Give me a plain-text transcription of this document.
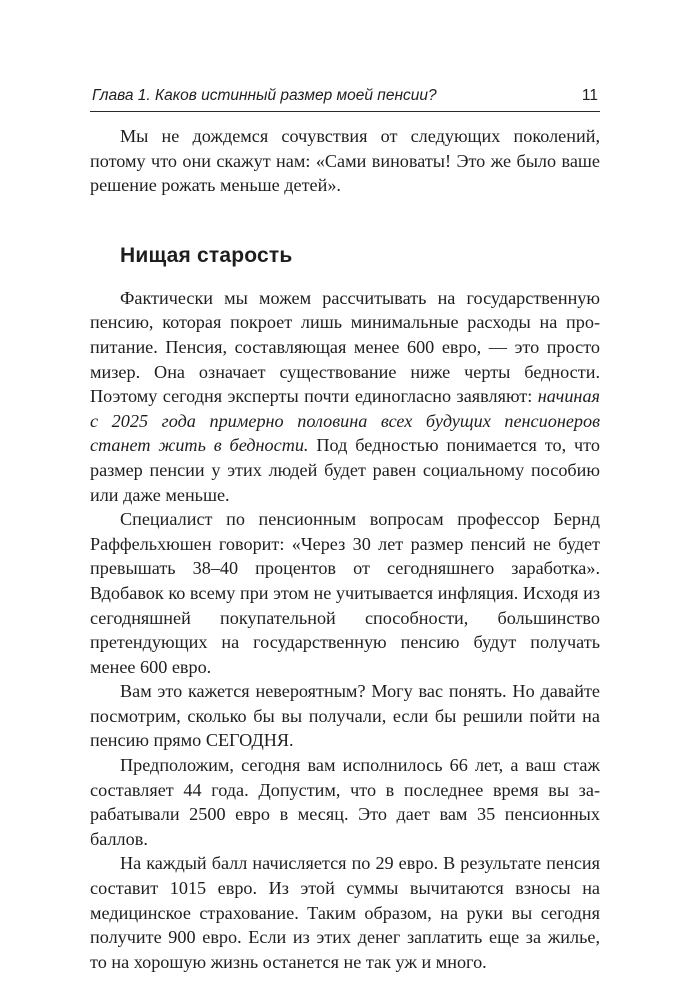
Глава 1. Каков истинный размер моей пенсии?	11

Мы не дождемся сочувствия от следующих поколений, потому что они скажут нам: «Сами виноваты! Это же было ваше решение рожать меньше детей».

Нищая старость

Фактически мы можем рассчитывать на государственную пенсию, которая покроет лишь минимальные расходы на пропитание. Пенсия, составляющая менее 600 евро, — это просто мизер. Она означает существование ниже черты бедности. Поэтому сегодня эксперты почти единогласно заявляют: начиная с 2025 года примерно половина всех будущих пенсионеров станет жить в бедности. Под бедностью понимается то, что размер пенсии у этих людей будет равен социальному пособию или даже меньше.

Специалист по пенсионным вопросам профессор Бернд Раффельхюшен говорит: «Через 30 лет размер пенсий не будет превышать 38–40 процентов от сегодняшнего заработка». Вдобавок ко всему при этом не учитывается инфляция. Исходя из сегодняшней покупательной способности, большинство претендующих на государственную пенсию будут получать менее 600 евро.

Вам это кажется невероятным? Могу вас понять. Но давайте посмотрим, сколько бы вы получали, если бы решили пойти на пенсию прямо СЕГОДНЯ.

Предположим, сегодня вам исполнилось 66 лет, а ваш стаж составляет 44 года. Допустим, что в последнее время вы зарабатывали 2500 евро в месяц. Это дает вам 35 пенсионных баллов.

На каждый балл начисляется по 29 евро. В результате пенсия составит 1015 евро. Из этой суммы вычитаются взносы на медицинское страхование. Таким образом, на руки вы сегодня получите 900 евро. Если из этих денег заплатить еще за жилье, то на хорошую жизнь останется не так уж и много.
